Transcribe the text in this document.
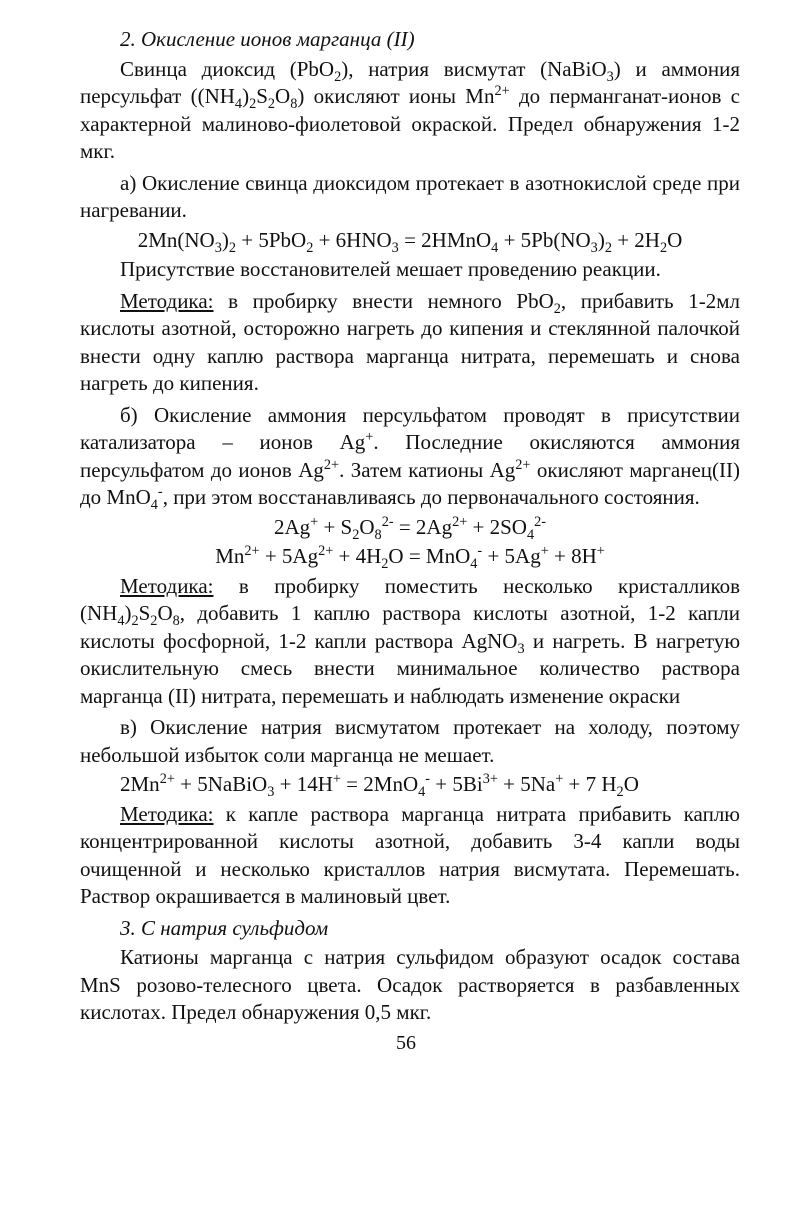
2. Окисление ионов марганца (II)

Свинца диоксид (PbO$_2$), натрия висмутат (NaBiO$_3$) и аммония персульфат $((NH_4)_2S_2O_8)$ окисляют ионы $Mn^{2+}$ до перманганат-ионов с характерной малиново-фиолетовой окраской. Предел обнаружения 1-2 мкг.

а) Окисление свинца диоксидом протекает в азотнокислой среде при нагревании.

$2Mn(NO_3)_2 + 5PbO_2 + 6HNO_3$ = 2HMnO$_4$ + $5Pb(NO_3)_2 + 2H_2O$

Присутствие восстановителей мешает проведению реакции.

Методика: в пробирку внести немного PbO$_2$, прибавить 1-2мл кислоты азотной, осторожно нагреть до кипения и стеклянной палочкой внести одну каплю раствора марганца нитрата, перемешать и снова нагреть до кипения.

б) Окисление аммония персульфатом проводят в присутствии катализатора – ионов Ag+. Последние окисляются аммония персульфатом до ионов $Ag^{2+}$. Затем катионы $Ag^{2+}$ окисляют марганец(II) до MnO$_4$-, при этом восстанавливаясь до первоначального состояния.

$2Ag^+ + S_2O_8^{2-} = 2Ag^{2+} + 2SO_4^{2-}$

$Mn^{2+} + 5Ag^{2+} + 4H_2O = MnO_4^- + 5Ag^+ + 8H^+$

Методика: в пробирку поместить несколько кристалликов $(NH_4)_2S_2O_8$, добавить 1 каплю раствора кислоты азотной, 1-2 капли кислоты фосфорной, 1-2 капли раствора AgNO$_3$ и нагреть. В нагретую окислительную смесь внести минимальное количество раствора марганца (II) нитрата, перемешать и наблюдать изменение окраски

в) Окисление натрия висмутатом протекает на холоду, поэтому небольшой избыток соли марганца не мешает.

$2Mn^{2+}$ + 5NaBiO$_3$ + $14H^+ = 2MnO_4^- + 5Bi^{3+} + 5Na^+ + 7$ $H_2O$

Методика: к капле раствора марганца нитрата прибавить каплю концентрированной кислоты азотной, добавить 3-4 капли воды очищенной и несколько кристаллов натрия висмутата. Перемешать. Раствор окрашивается в малиновый цвет.

3. С натрия сульфидом

Катионы марганца с натрия сульфидом образуют осадок состава MnS розово-телесного цвета. Осадок растворяется в разбавленных кислотах. Предел обнаружения 0,5 мкг.

56
